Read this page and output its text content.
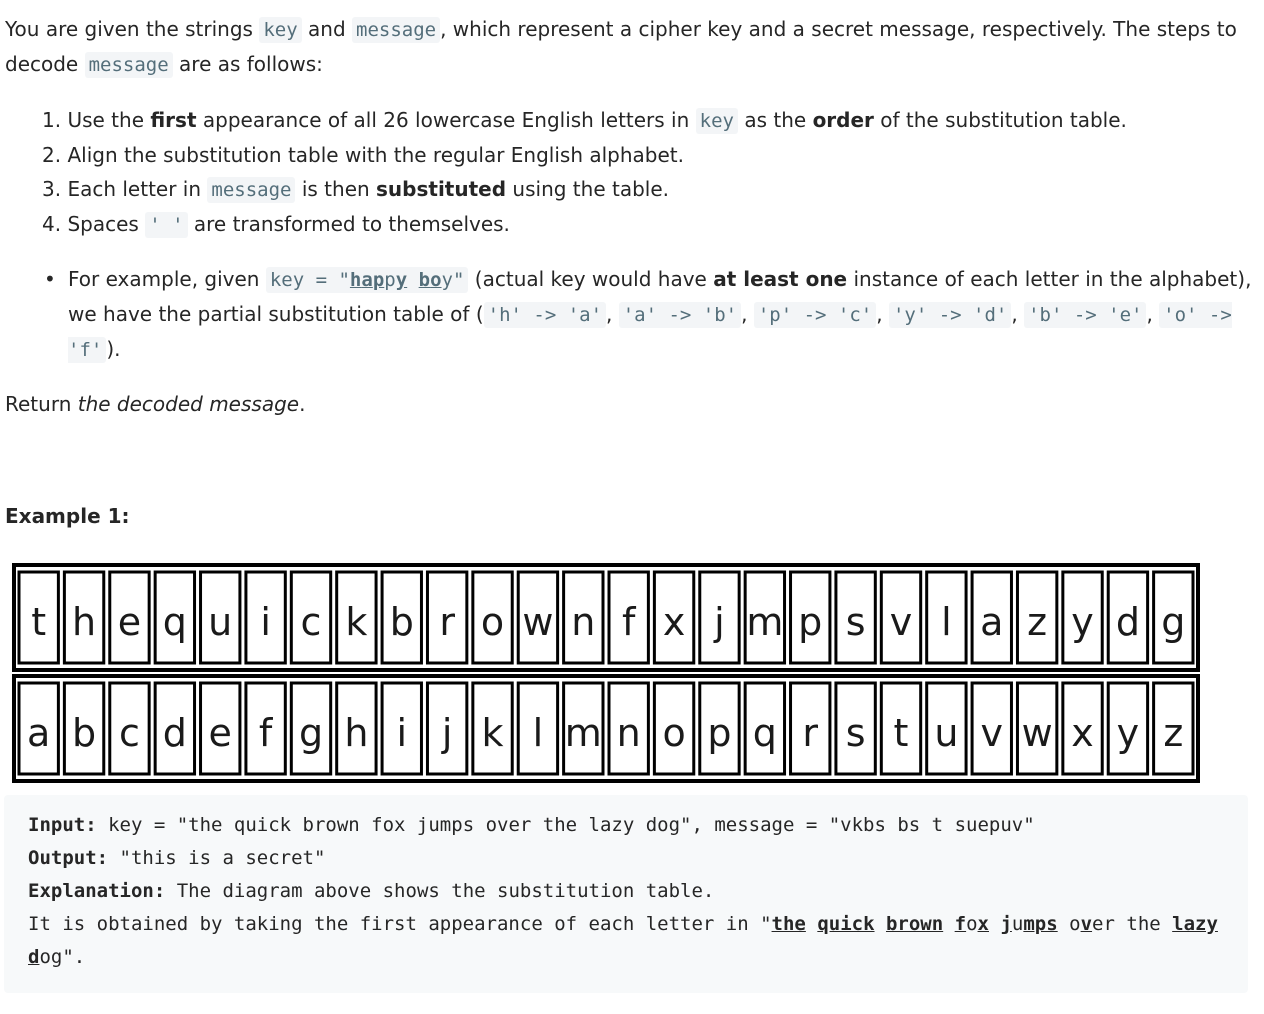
You are given the strings key and message , which represent a cipher key and a secret message, respectively. The steps to decode message are as follows:

1. Use the first appearance of all 26 lowercase English letters in key as the order of the substitution table.
2. Align the substitution table with the regular English alphabet.
3. Each letter in message is then substituted using the table.
4. Spaces ' ' are transformed to themselves.
• For example, given key = "happy boy" (actual key would have at least one instance of each letter in the alphabet), we have the partial substitution table of ( 'h' -> 'a' , 'a' -> 'b' , 'p' -> 'c' , 'y' -> 'd' , 'b' -> 'e' , 'o' -> 'f' ).

Return the decoded message.

Example 1:

t h e q u i c k b r o w n f x j m p s v l a z y d g
a b c d e f g h i j k l m n o p q r s t u v w x y z
Input: key = "the quick brown fox jumps over the lazy dog", message = "vkbs bs t suepuv"
Output: "this is a secret"
Explanation: The diagram above shows the substitution table.
It is obtained by taking the first appearance of each letter in "the quick brown fox jumps over the lazy dog".
